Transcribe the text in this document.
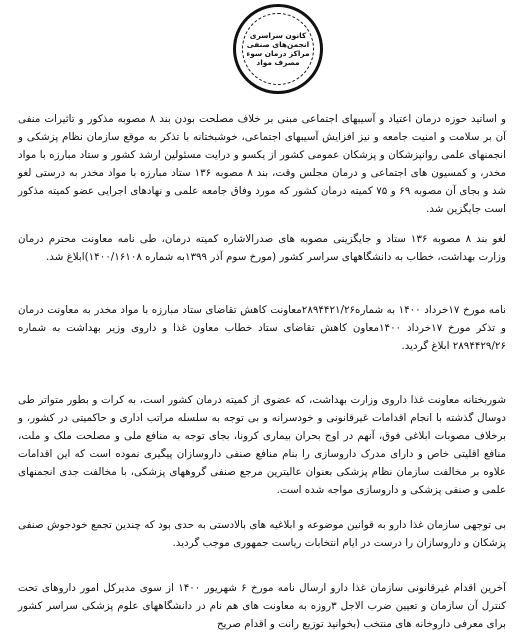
کانون سراسری
انجمن‌های صنفی
مراکز درمان سوء
مصرف مواد

و اساتید حوزه درمان اعتیاد و آسیبهای اجتماعی مبنی بر خلاف مصلحت بودن بند ۸ مصوبه مذکور و تاثیرات منفی آن بر سلامت و امنیت جامعه و نیز افزایش آسیبهای اجتماعی، خوشبختانه با تذکر به موقع سازمان نظام پزشکی و انجمنهای علمی روانپزشکان و پزشکان عمومی کشور از یکسو و درایت مسئولین ارشد کشور و ستاد مبارزه با مواد مخدر، و کمسیون های اجتماعی و درمان مجلس وقت، بند ۸ مصوبه ۱۳۶ ستاد مبارزه با مواد مخدر به درستی لغو شد و بجای آن مصوبه ۶۹ و ۷۵ کمیته درمان کشور که مورد وفاق جامعه علمی و نهادهای اجرایی عضو کمیته مذکور است جایگزین شد.

لغو بند ۸ مصوبه ۱۳۶ ستاد و جایگزینی مصوبه های صدرالاشاره کمیته درمان، طی نامه معاونت محترم درمان وزارت بهداشت، خطاب به دانشگاههای سراسر کشور (مورخ سوم آذر ۱۳۹۹به شماره ۱۴۰۰/۱۶۱۰۸)ابلاغ شد.

نامه مورخ ۱۷خرداد ۱۴۰۰ به شماره۲۸۹۴۴۲۱/۲۶معاونت کاهش تقاضای ستاد مبارزه با مواد مخدر به معاونت درمان و تذکر مورخ ۱۷خرداد ۱۴۰۰معاون کاهش تقاضای ستاد خطاب معاون غذا و داروی وزیر بهداشت به شماره ۲۸۹۴۴۲۹/۲۶ ابلاغ گردید.

شوربختانه معاونت غذا داروی وزارت بهداشت، که عضوی از کمیته درمان کشور است، به کرات و بطور متواتر طی دوسال گذشته با انجام اقدامات غیرقانونی و خودسرانه و بی توجه به سلسله مراتب اداری و حاکمیتی در کشور، و برخلاف مصوبات ابلاغی فوق، آنهم در اوج بحران بیماری کرونا، بجای توجه به منافع ملی و مصلحت ملک و ملت، منافع اقلیتی خاص و دارای مدرک داروسازی را بنام منافع صنفی داروسازان پیگیری نموده است که این اقدامات علاوه بر مخالفت سازمان نظام پزشکی بعنوان عالیترین مرجع صنفی گروههای پزشکی، با مخالفت جدی انجمنهای علمی و صنفی پزشکی و داروسازی مواجه شده است.

بی توجهی سازمان غذا دارو به قوانین موضوعه و ابلاغیه های بالادستی به حدی بود که چندین تجمع خودجوش صنفی پزشکان و داروسازان را درست در ایام انتخابات ریاست جمهوری موجب گردید.

آخرین اقدام غیرقانونی سازمان غذا دارو ارسال نامه مورخ ۶ شهریور ۱۴۰۰ از سوی مدیرکل امور داروهای تحت کنترل آن سازمان و تعیین ضرب الاجل ۳روزه به معاونت های هم نام در دانشگاههای علوم پزشکی سراسر کشور برای معرفی داروخانه های منتخب (بخوانید توزیع رانت و اقدام صریح
